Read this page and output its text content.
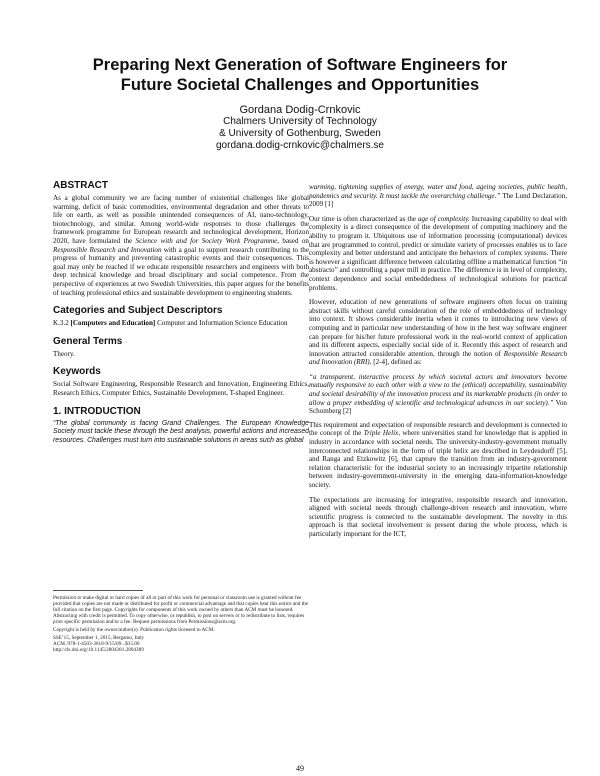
Preparing Next Generation of Software Engineers for
Future Societal Challenges and Opportunities
Gordana Dodig-Crnkovic
Chalmers University of Technology
& University of Gothenburg, Sweden
gordana.dodig-crnkovic@chalmers.se
ABSTRACT

As a global community we are facing number of existential challenges like global warming, deficit of basic commodities, environmental degradation and other threats to life on earth, as well as possible unintended consequences of AI, nano-technology, biotechnology, and similar. Among world-wide responses to those challenges the framework programme for European research and technological development, Horizon 2020, have formulated the Science with and for Society Work Programme, based on Responsible Research and Innovation with a goal to support research contributing to the progress of humanity and preventing catastrophic events and their consequences. This goal may only be reached if we educate responsible researchers and engineers with both deep technical knowledge and broad disciplinary and social competence. From the perspective of experiences at two Swedish Universities, this paper argues for the benefits of teaching professional ethics and sustainable development to engineering students.

Categories and Subject Descriptors

K.3.2 [Computers and Education] Computer and Information Science Education

General Terms

Theory.

Keywords

Social Software Engineering, Responsible Research and Innovation, Engineering Ethics, Research Ethics, Computer Ethics, Sustainable Development, T-shaped Engineer.

1. INTRODUCTION

“The global community is facing Grand Challenges. The European Knowledge Society must tackle these through the best analysis, powerful actions and increased resources. Challenges must turn into sustainable solutions in areas such as global

Permission to make digital or hard copies of all or part of this work for personal or classroom use is granted without fee provided that copies are not made or distributed for profit or commercial advantage and that copies bear this notice and the full citation on the first page. Copyrights for components of this work owned by others than ACM must be honored. Abstracting with credit is permitted. To copy otherwise, or republish, to post on servers or to redistribute to lists, requires prior specific permission and/or a fee. Request permissions from Permissions@acm.org.
Copyright is held by the owner/author(s). Publication rights licensed to ACM.
SSE’15, September 1, 2015, Bergamo, Italy
ACM. 978-1-4503-3818-9/15/09...$15.00
http://dx.doi.org/10.1145/2804381.2804389

warming, tightening supplies of energy, water and food, ageing societies, public health, pandemics and security. It must tackle the overarching challenge.” The Lund Declaration, 2009 [1]

Our time is often characterized as the age of complexity. Increasing capability to deal with complexity is a direct consequence of the development of computing machinery and the ability to program it. Ubiquitous use of information processing (computational) devices that are programmed to control, predict or simulate variety of processes enables us to face complexity and better understand and anticipate the behaviors of complex systems. There is however a significant difference between calculating offline a mathematical function “in abstracto” and controlling a paper mill in practice. The difference is in level of complexity, context dependence and social embeddedness of technological solutions for practical problems.

However, education of new generations of software engineers often focus on training abstract skills without careful consideration of the role of embeddedness of technology into context. It shows considerable inertia when it comes to introducing new views of computing and in particular new understanding of how in the best way software engineer can prepare for his/her future professional work in the real-world context of application and its different aspects, especially social side of it. Recently this aspect of research and innovation attracted considerable attention, through the notion of Responsible Research and Innovation (RRI), [2-4], defined as:

“a transparent, interactive process by which societal actors and innovators become mutually responsive to each other with a view to the (ethical) acceptability, sustainability and societal desirability of the innovation process and its marketable products (in order to allow a proper embedding of scientific and technological advances in our society).” Von Schomberg [2]

This requirement and expectation of responsible research and development is connected to the concept of the Triple Helix, where universities stand for knowledge that is applied in industry in accordance with societal needs. The university-industry-government mutually interconnected relationships in the form of triple helix are described in Leydesdorff [5], and Ranga and Etzkowitz [6], that capture the transition from an industry-government relation characteristic for the industrial society to an increasingly tripartite relationship between industry-government-university in the emerging data-information-knowledge society.

The expectations are increasing for integrative, responsible research and innovation, aligned with societal needs through challenge-driven research and innovation, where scientific progress is connected to the sustainable development. The novelty in this approach is that societal involvement is present during the whole process, which is particularly important for the ICT,

49
